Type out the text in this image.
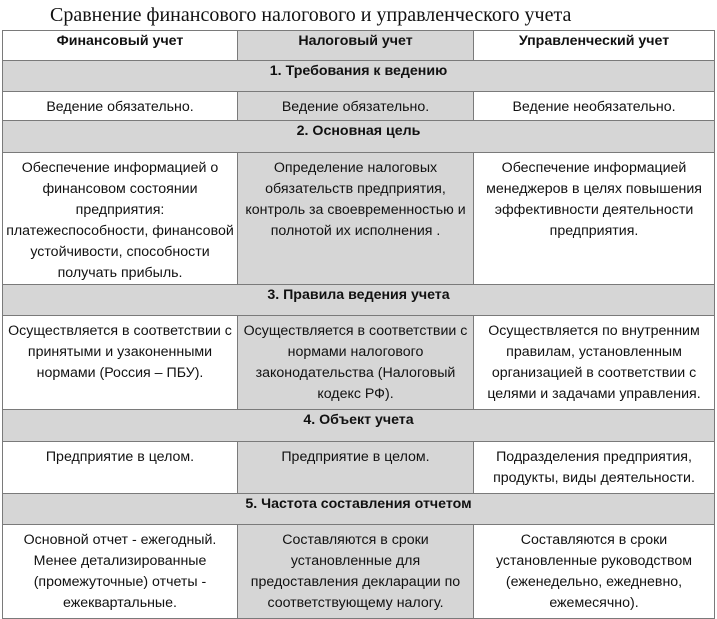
Сравнение финансового налогового и управленческого учета
Финансовый учет	Налоговый учет	Управленческий учет
1. Требования к ведению		

Ведение обязательно.	Ведение обязательно.	Ведение необязательно.

2. Основная цель		

Обеспечение информацией о финансовом состоянии предприятия: платежеспособности, финансовой устойчивости, способности получать прибыль.	Определение налоговых обязательств предприятия, контроль за своевременностью и полнотой их исполнения .	Обеспечение информацией менеджеров в целях повышения эффективности деятельности предприятия.

3. Правила ведения учета		

Осуществляется в соответствии с принятыми и узаконенными нормами (Россия – ПБУ).	Осуществляется в соответствии с нормами налогового законодательства (Налоговый кодекс РФ).	Осуществляется по внутренним правилам, установленным организацией в соответствии с целями и задачами управления.

4. Объект учета		

Предприятие в целом.	Предприятие в целом.	Подразделения предприятия, продукты, виды деятельности.

5. Частота составления отчетом		

Основной отчет - ежегодный. Менее детализированные (промежуточные) отчеты - ежеквартальные.	Составляются в сроки установленные для предоставления декларации по соответствующему налогу.	Составляются в сроки установленные руководством (еженедельно, ежедневно, ежемесячно).
